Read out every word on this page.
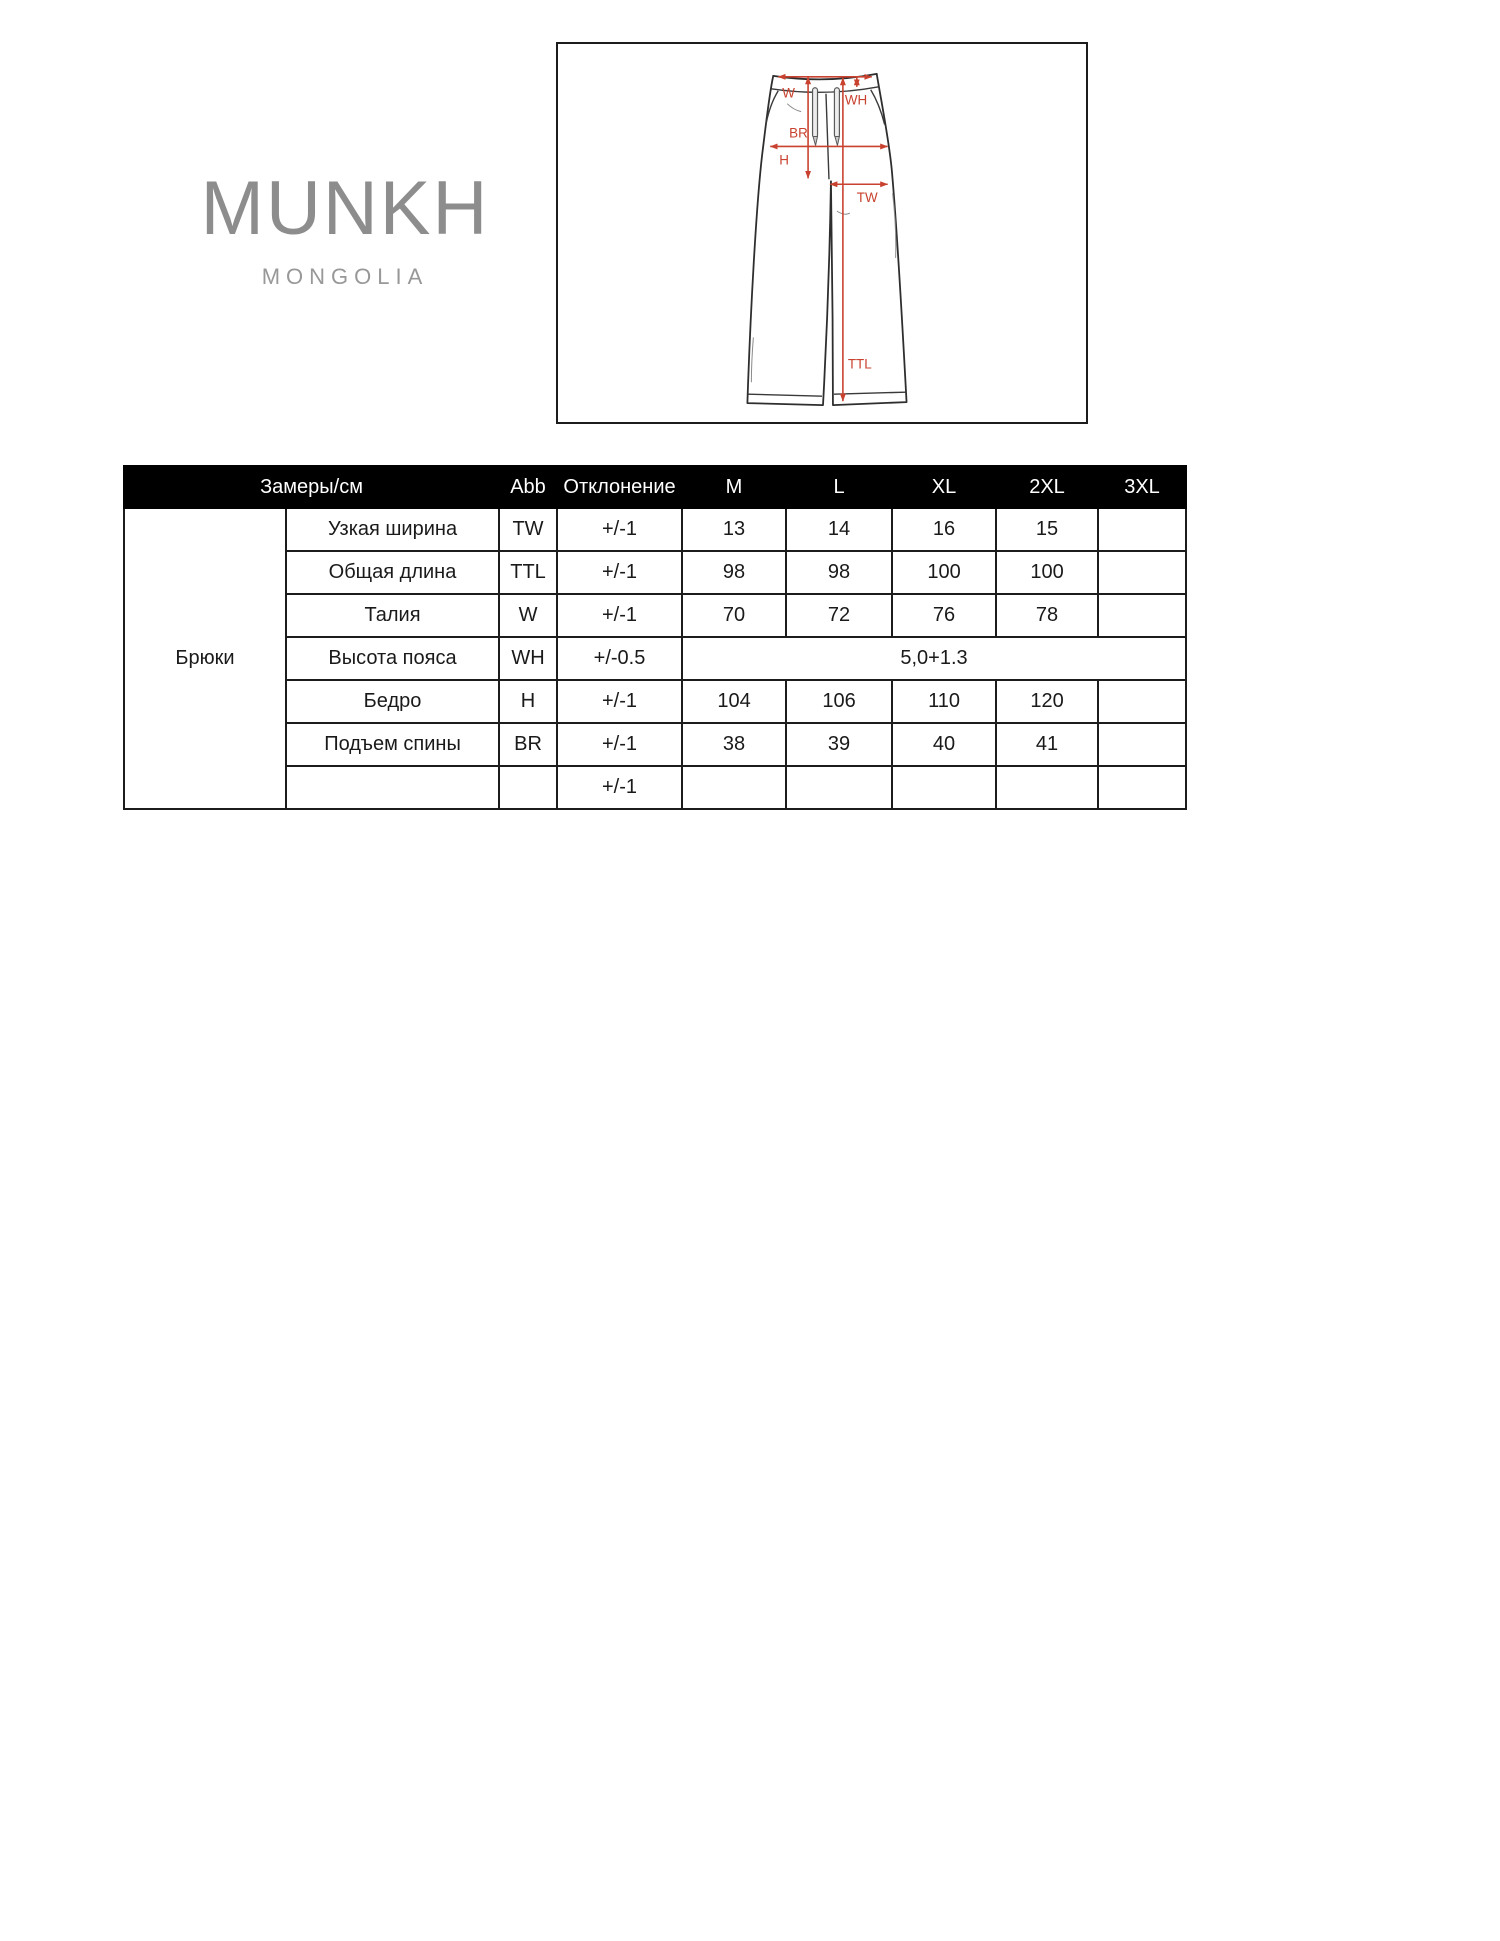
MUNKH
MONGOLIA
W	WH
BR
H
TW
TTL
Замеры/см		Abb	Отклонение	M	L	XL	2XL	3XL
Брюки	Узкая ширина	TW	+/-1	13	14	16	15	
	Общая длина	TTL	+/-1	98	98	100	100	
	Талия	W	+/-1	70	72	76	78	
	Высота пояса	WH	+/-0.5	5,0+1.3				
	Бедро	H	+/-1	104	106	110	120	
	Подъем спины	BR	+/-1	38	39	40	41	
			+/-1					
